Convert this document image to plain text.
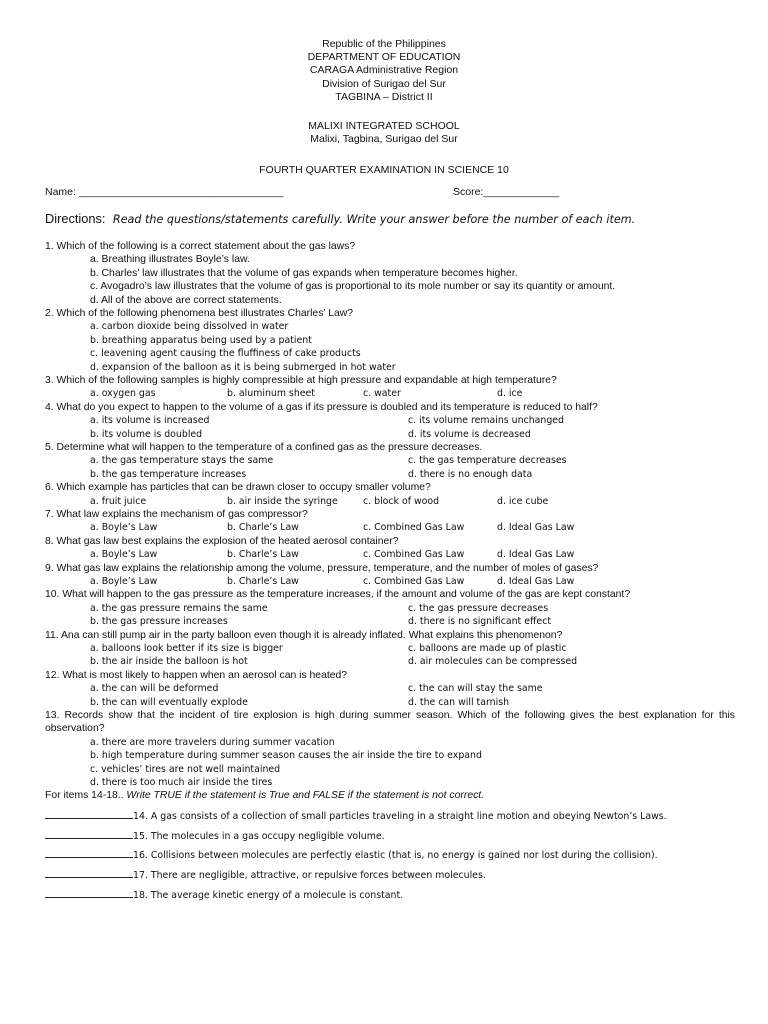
Republic of the Philippines
DEPARTMENT OF EDUCATION
CARAGA Administrative Region
Division of Surigao del Sur
TAGBINA – District II
MALIXI INTEGRATED SCHOOL
Malixi, Tagbina, Surigao del Sur
FOURTH QUARTER EXAMINATION IN SCIENCE 10
Name: ___________________________________	Score:_____________
Directions: Read the questions/statements carefully. Write your answer before the number of each item.
1. Which of the following is a correct statement about the gas laws?
a. Breathing illustrates Boyle’s law.
b. Charles’ law illustrates that the volume of gas expands when temperature becomes higher.
c. Avogadro’s law illustrates that the volume of gas is proportional to its mole number or say its quantity or amount.
d. All of the above are correct statements.
2. Which of the following phenomena best illustrates Charles’ Law?
a. carbon dioxide being dissolved in water
b. breathing apparatus being used by a patient
c. leavening agent causing the fluffiness of cake products
d. expansion of the balloon as it is being submerged in hot water
3. Which of the following samples is highly compressible at high pressure and expandable at high temperature?
a. oxygen gas	b. aluminum sheet	c. water	d. ice
4. What do you expect to happen to the volume of a gas if its pressure is doubled and its temperature is reduced to half?
a. its volume is increased	c. its volume remains unchanged
b. its volume is doubled	d. its volume is decreased
5. Determine what will happen to the temperature of a confined gas as the pressure decreases.
a. the gas temperature stays the same	c. the gas temperature decreases
b. the gas temperature increases	d. there is no enough data
6. Which example has particles that can be drawn closer to occupy smaller volume?
a. fruit juice	b. air inside the syringe	c. block of wood	d. ice cube
7. What law explains the mechanism of gas compressor?
a. Boyle’s Law	b. Charle’s Law	c. Combined Gas Law	d. Ideal Gas Law
8. What gas law best explains the explosion of the heated aerosol container?
a. Boyle’s Law	b. Charle’s Law	c. Combined Gas Law	d. Ideal Gas Law
9. What gas law explains the relationship among the volume, pressure, temperature, and the number of moles of gases?
a. Boyle’s Law	b. Charle’s Law	c. Combined Gas Law	d. Ideal Gas Law
10. What will happen to the gas pressure as the temperature increases, if the amount and volume of the gas are kept constant?
a. the gas pressure remains the same	c. the gas pressure decreases
b. the gas pressure increases	d. there is no significant effect
11. Ana can still pump air in the party balloon even though it is already inflated. What explains this phenomenon?
a. balloons look better if its size is bigger	c. balloons are made up of plastic
b. the air inside the balloon is hot	d. air molecules can be compressed
12. What is most likely to happen when an aerosol can is heated?
a. the can will be deformed	c. the can will stay the same
b. the can will eventually explode	d. the can will tarnish
13. Records show that the incident of tire explosion is high during summer season. Which of the following gives the best explanation for this observation?
a. there are more travelers during summer vacation
b. high temperature during summer season causes the air inside the tire to expand
c. vehicles’ tires are not well maintained
d. there is too much air inside the tires
For items 14-18.. Write TRUE if the statement is True and FALSE if the statement is not correct.
14. A gas consists of a collection of small particles traveling in a straight line motion and obeying Newton’s Laws.
15. The molecules in a gas occupy negligible volume.
16. Collisions between molecules are perfectly elastic (that is, no energy is gained nor lost during the collision).
17. There are negligible, attractive, or repulsive forces between molecules.
18. The average kinetic energy of a molecule is constant.
